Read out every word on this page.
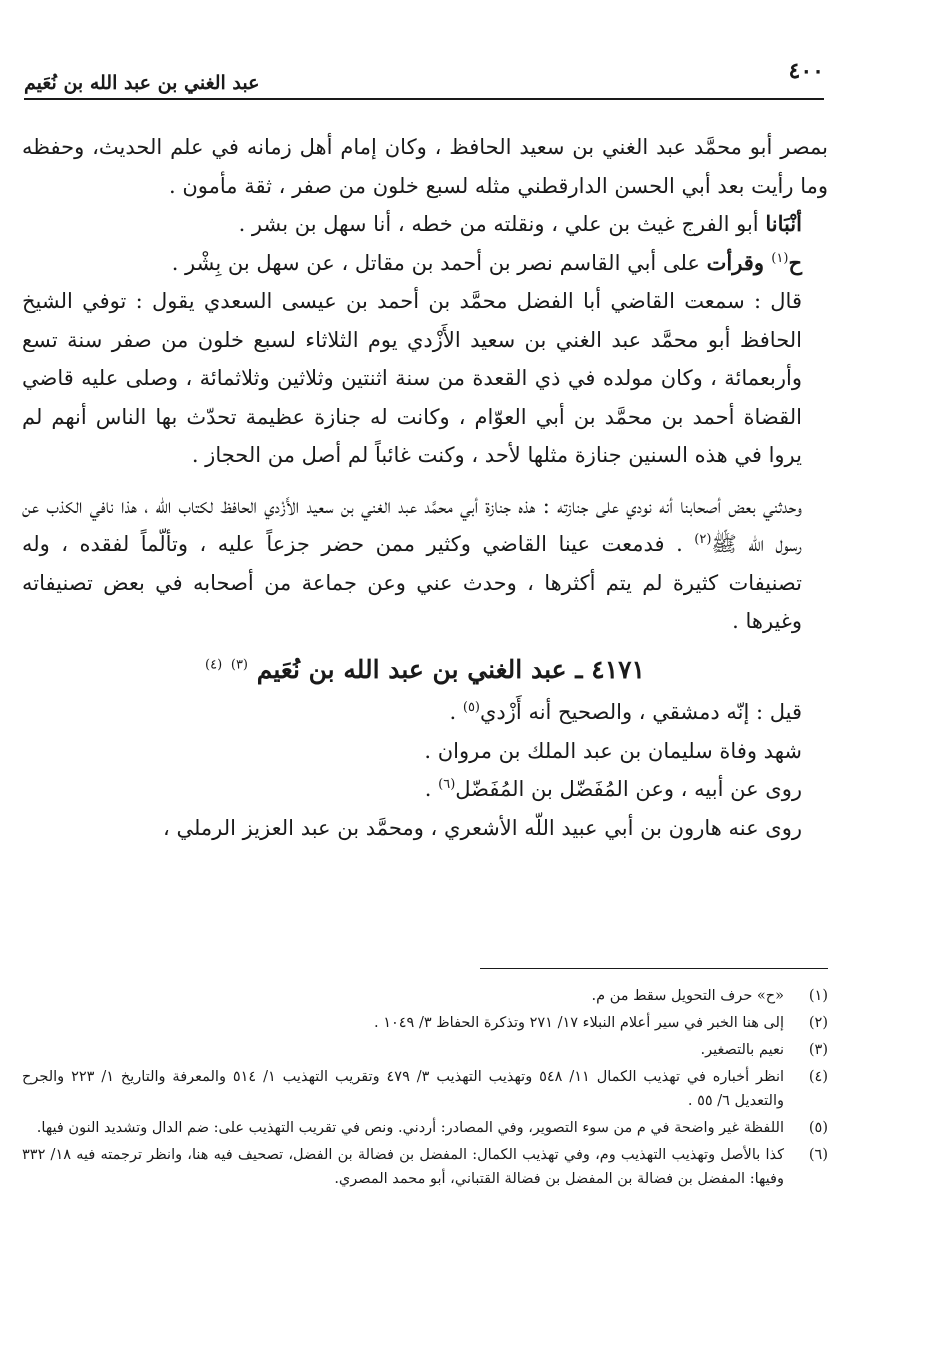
٤٠٠
عبد الغني بن عبد الله بن نُعَيم

بمصر أبو محمَّد عبد الغني بن سعيد الحافظ ، وكان إمام أهل زمانه في علم الحديث، وحفظه وما رأيت بعد أبي الحسن الدارقطني مثله لسبع خلون من صفر ، ثقة مأمون .

أنْبَانا أبو الفرج غيث بن علي ، ونقلته من خطه ، أنا سهل بن بشر .

ح$^{(١)}$ وقرأت على أبي القاسم نصر بن أحمد بن مقاتل ، عن سهل بن بِشْر .

قال : سمعت القاضي أبا الفضل محمَّد بن أحمد بن عيسى السعدي يقول : توفي الشيخ الحافظ أبو محمَّد عبد الغني بن سعيد الأَزْدي يوم الثلاثاء لسبع خلون من صفر سنة تسع وأربعمائة ، وكان مولده في ذي القعدة من سنة اثنتين وثلاثين وثلاثمائة ، وصلى عليه قاضي القضاة أحمد بن محمَّد بن أبي العوّام ، وكانت له جنازة عظيمة تحدّث بها الناس أنهم لم يروا في هذه السنين جنازة مثلها لأحد ، وكنت غائباً لم أصل من الحجاز .

وحدثني بعض أصحابنا أنه نودي على جنازته : هذه جنازة أبي محمَّد عبد الغني بن سعيد الأَزْدي الحافظ لكتاب الله ، هذا نافي الكذب عن رسول الله ﷺ$^{(٢)}$ . فدمعت عينا القاضي وكثير ممن حضر جزعاً عليه ، وتألّماً لفقده ، وله تصنيفات كثيرة لم يتم أكثرها ، وحدث عني وعن جماعة من أصحابه في بعض تصنيفاته وغيرها .

٤١٧١ ـ عبد الغني بن عبد الله بن نُعَيم $^{(٣)}$ $^{(٤)}$

قيل : إنّه دمشقي ، والصحيح أنه أَزْدي$^{(٥)}$ .

شهد وفاة سليمان بن عبد الملك بن مروان .

روى عن أبيه ، وعن المُفَضّل بن المُفَضّل$^{(٦)}$ .

روى عنه هارون بن أبي عبيد اللّه الأشعري ، ومحمَّد بن عبد العزيز الرملي ،

(١)
«ح» حرف التحويل سقط من م.
(٢)
إلى هنا الخبر في سير أعلام النبلاء ١٧/ ٢٧١ وتذكرة الحفاظ ٣/ ١٠٤٩ .
(٣)
نعيم بالتصغير.
(٤)
انظر أخباره في تهذيب الكمال ١١/ ٥٤٨ وتهذيب التهذيب ٣/ ٤٧٩ وتقريب التهذيب ١/ ٥١٤ والمعرفة والتاريخ ١/ ٢٢٣ والجرح والتعديل ٦/ ٥٥ .
(٥)
اللفظة غير واضحة في م من سوء التصوير، وفي المصادر: أردني. ونص في تقريب التهذيب على: ضم الدال وتشديد النون فيها.
(٦)
كذا بالأصل وتهذيب التهذيب وم، وفي تهذيب الكمال: المفضل بن فضالة بن الفضل، تصحيف فيه هنا، وانظر ترجمته فيه ١٨/ ٣٣٢ وفيها: المفضل بن فضالة بن المفضل بن فضالة القتباني، أبو محمد المصري.
